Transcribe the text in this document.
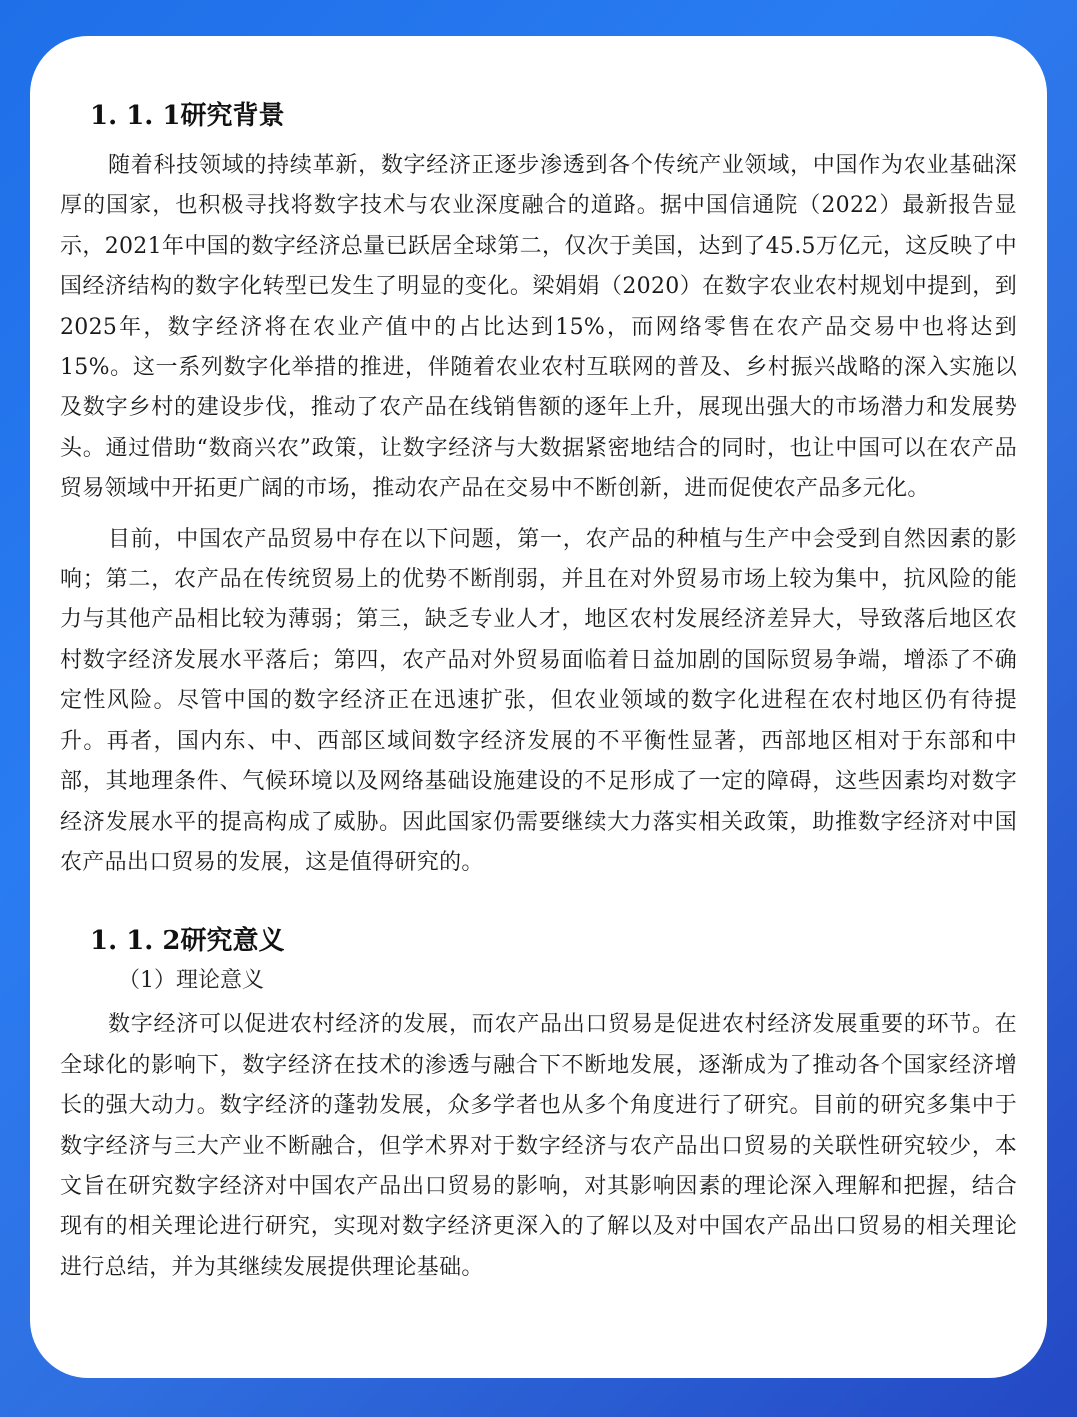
1. 1. 1研究背景

随着科技领域的持续革新，数字经济正逐步渗透到各个传统产业领域，中国作为农业基础深厚的国家，也积极寻找将数字技术与农业深度融合的道路。据中国信通院（2022）最新报告显示，2021年中国的数字经济总量已跃居全球第二，仅次于美国，达到了45.5万亿元，这反映了中国经济结构的数字化转型已发生了明显的变化。梁娟娟（2020）在数字农业农村规划中提到，到2025年，数字经济将在农业产值中的占比达到15%，而网络零售在农产品交易中也将达到15%。这一系列数字化举措的推进，伴随着农业农村互联网的普及、乡村振兴战略的深入实施以及数字乡村的建设步伐，推动了农产品在线销售额的逐年上升，展现出强大的市场潜力和发展势头。通过借助“数商兴农”政策，让数字经济与大数据紧密地结合的同时，也让中国可以在农产品贸易领域中开拓更广阔的市场，推动农产品在交易中不断创新，进而促使农产品多元化。

目前，中国农产品贸易中存在以下问题，第一，农产品的种植与生产中会受到自然因素的影响；第二，农产品在传统贸易上的优势不断削弱，并且在对外贸易市场上较为集中，抗风险的能力与其他产品相比较为薄弱；第三，缺乏专业人才，地区农村发展经济差异大，导致落后地区农村数字经济发展水平落后；第四，农产品对外贸易面临着日益加剧的国际贸易争端，增添了不确定性风险。尽管中国的数字经济正在迅速扩张，但农业领域的数字化进程在农村地区仍有待提升。再者，国内东、中、西部区域间数字经济发展的不平衡性显著，西部地区相对于东部和中部，其地理条件、气候环境以及网络基础设施建设的不足形成了一定的障碍，这些因素均对数字经济发展水平的提高构成了威胁。因此国家仍需要继续大力落实相关政策，助推数字经济对中国农产品出口贸易的发展，这是值得研究的。

1. 1. 2研究意义
（1）理论意义

数字经济可以促进农村经济的发展，而农产品出口贸易是促进农村经济发展重要的环节。在全球化的影响下，数字经济在技术的渗透与融合下不断地发展，逐渐成为了推动各个国家经济增长的强大动力。数字经济的蓬勃发展，众多学者也从多个角度进行了研究。目前的研究多集中于数字经济与三大产业不断融合，但学术界对于数字经济与农产品出口贸易的关联性研究较少，本文旨在研究数字经济对中国农产品出口贸易的影响，对其影响因素的理论深入理解和把握，结合现有的相关理论进行研究，实现对数字经济更深入的了解以及对中国农产品出口贸易的相关理论进行总结，并为其继续发展提供理论基础。
